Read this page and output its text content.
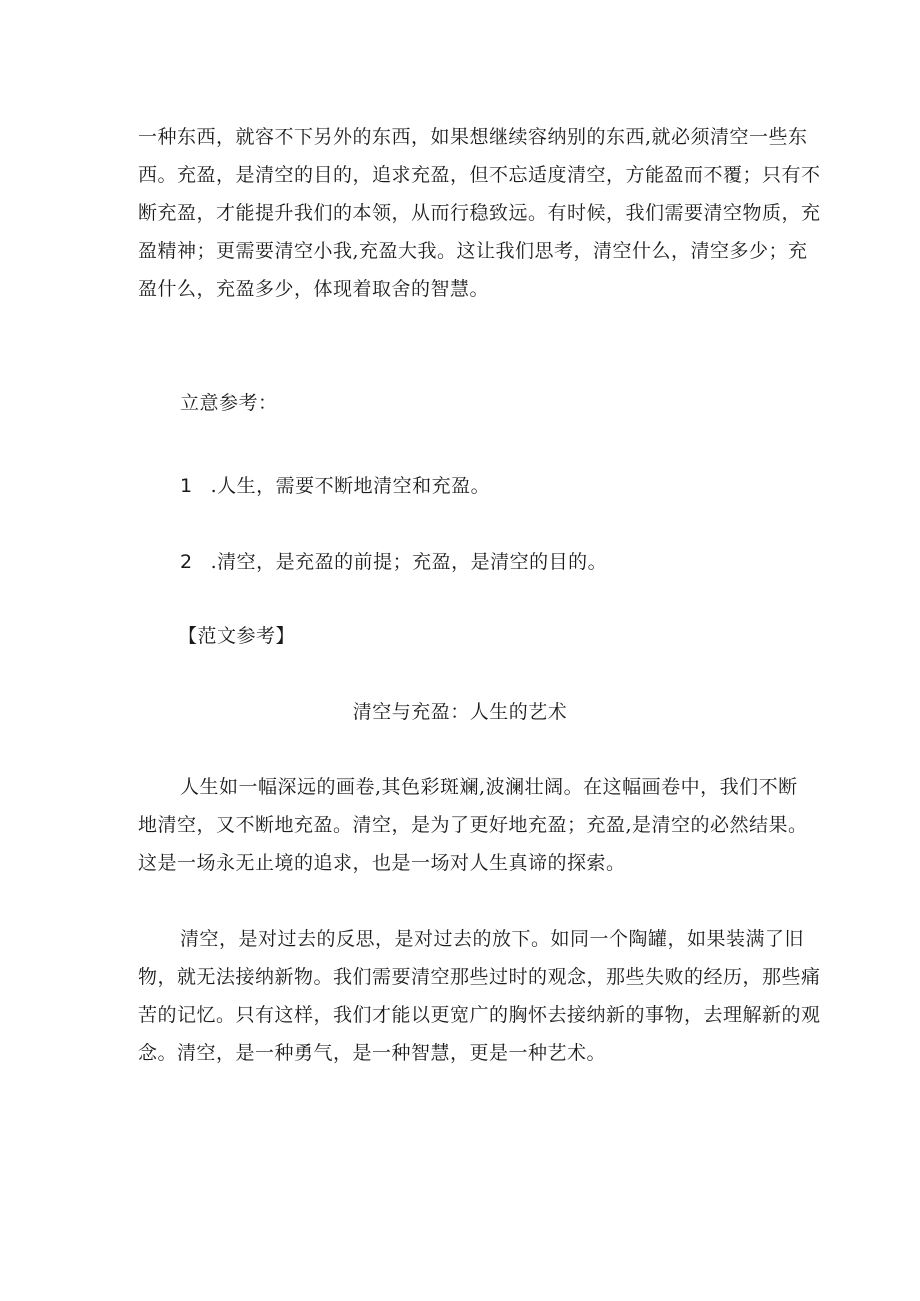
一种东西，就容不下另外的东西，如果想继续容纳别的东西,就必须清空一些东
西。充盈，是清空的目的，追求充盈，但不忘适度清空，方能盈而不覆；只有不
断充盈，才能提升我们的本领，从而行稳致远。有时候，我们需要清空物质，充
盈精神；更需要清空小我,充盈大我。这让我们思考，清空什么，清空多少；充
盈什么，充盈多少，体现着取舍的智慧。
立意参考：
1 .人生，需要不断地清空和充盈。
2 .清空，是充盈的前提；充盈，是清空的目的。
【范文参考】
清空与充盈：人生的艺术
人生如一幅深远的画卷,其色彩斑斓,波澜壮阔。在这幅画卷中，我们不断
地清空，又不断地充盈。清空，是为了更好地充盈；充盈,是清空的必然结果。
这是一场永无止境的追求，也是一场对人生真谛的探索。
清空，是对过去的反思，是对过去的放下。如同一个陶罐，如果装满了旧
物，就无法接纳新物。我们需要清空那些过时的观念，那些失败的经历，那些痛
苦的记忆。只有这样，我们才能以更宽广的胸怀去接纳新的事物，去理解新的观
念。清空，是一种勇气，是一种智慧，更是一种艺术。
